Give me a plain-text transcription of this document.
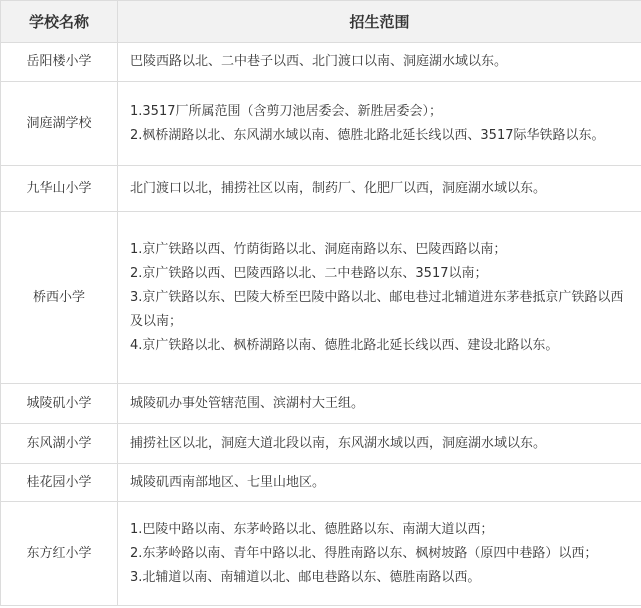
学校名称	招生范围
岳阳楼小学	巴陵西路以北、二中巷子以西、北门渡口以南、洞庭湖水域以东。

洞庭湖学校	1.3517厂所属范围（含剪刀池居委会、新胜居委会）；
2.枫桥湖路以北、东风湖水域以南、德胜北路北延长线以西、3517际华铁路以东。

九华山小学	北门渡口以北，捕捞社区以南，制药厂、化肥厂以西，洞庭湖水域以东。

桥西小学	1.京广铁路以西、竹荫街路以北、洞庭南路以东、巴陵西路以南；
2.京广铁路以西、巴陵西路以北、二中巷路以东、3517以南；
3.京广铁路以东、巴陵大桥至巴陵中路以北、邮电巷过北辅道进东茅巷抵京广铁路以西及以南；
4.京广铁路以北、枫桥湖路以南、德胜北路北延长线以西、建设北路以东。

城陵矶小学	城陵矶办事处管辖范围、滨湖村大王组。

东风湖小学	捕捞社区以北，洞庭大道北段以南，东风湖水域以西，洞庭湖水域以东。

桂花园小学	城陵矶西南部地区、七里山地区。

东方红小学	1.巴陵中路以南、东茅岭路以北、德胜路以东、南湖大道以西；
2.东茅岭路以南、青年中路以北、得胜南路以东、枫树坡路（原四中巷路）以西；
3.北辅道以南、南辅道以北、邮电巷路以东、德胜南路以西。
